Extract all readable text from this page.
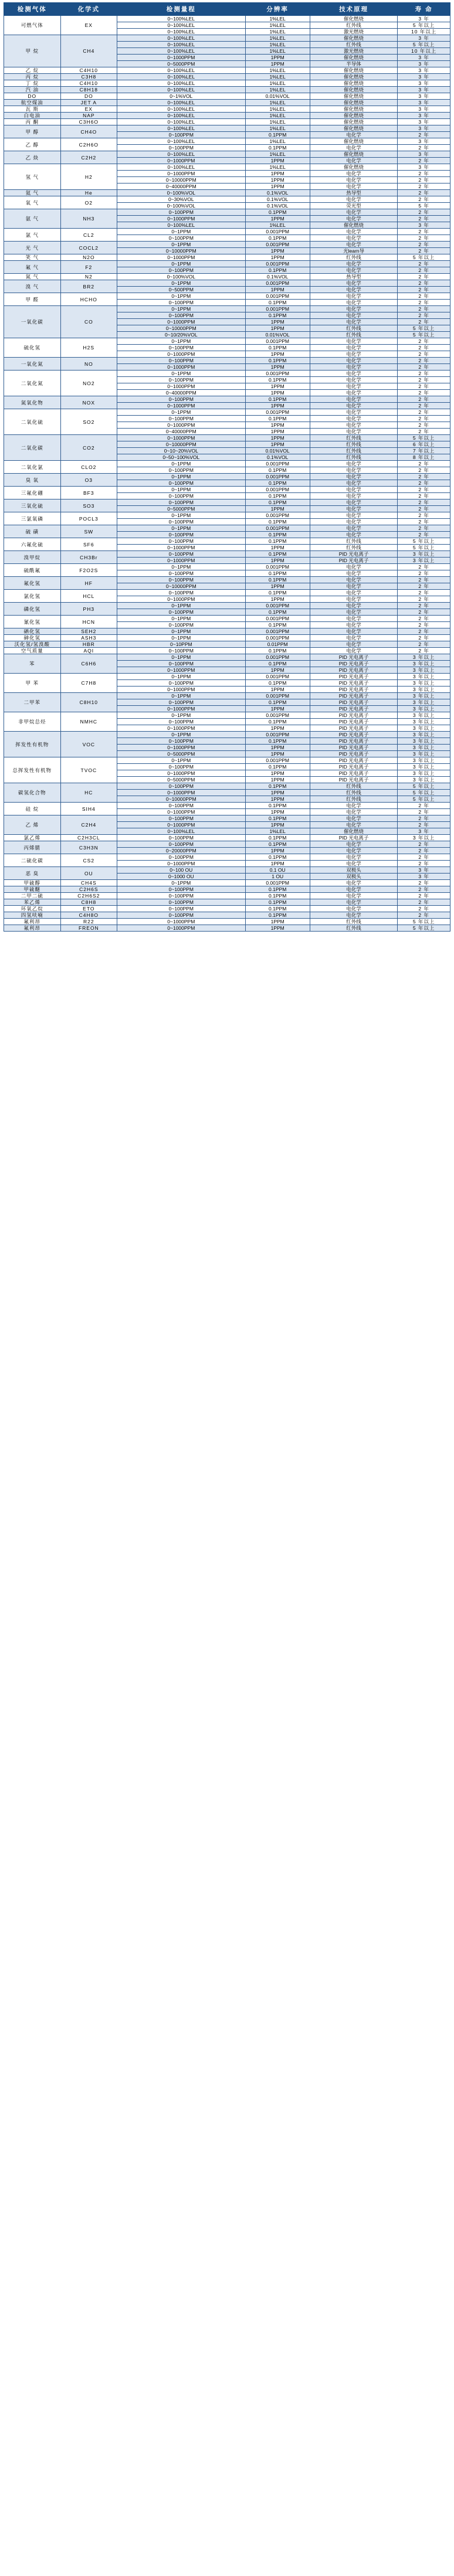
检测气体	化学式	检测量程	分辨率	技术原理	寿 命
可燃气体	EX	0~100%LEL	1%LEL	催化燃烧	3 年
		0~100%LEL	1%LEL	红外线	5 年以上
		0~100%LEL	1%LEL	激光燃烧	10 年以上
甲 烷	CH4	0~100%LEL	1%LEL	催化燃烧	3 年
		0~100%LEL	1%LEL	红外线	5 年以上
		0~100%LEL	1%LEL	激光燃烧	10 年以上
		0~1000PPM	1PPM	催化燃烧	3 年
		0~5000PPM	1PPM	半导体	3 年
乙 烷	C4H10	0~100%LEL	1%LEL	催化燃烧	3 年
丙 烷	C3H8	0~100%LEL	1%LEL	催化燃烧	3 年
丁 烷	C4H10	0~100%LEL	1%LEL	催化燃烧	3 年
汽 油	C8H18	0~100%LEL	1%LEL	催化燃烧	3 年
DO	DO	0~1%VOL	0.01%VOL	催化燃烧	3 年
航空煤油	JET A	0~100%LEL	1%LEL	催化燃烧	3 年
瓦 斯	EX	0~100%LEL	1%LEL	催化燃烧	3 年
白电油	NAP	0~100%LEL	1%LEL	催化燃烧	3 年
丙 酮	C3H6O	0~100%LEL	1%LEL	催化燃烧	3 年
甲 醇	CH4O	0~100%LEL	1%LEL	催化燃烧	3 年
		0~100PPM	0.1PPM	电化学	2 年
乙 醇	C2H6O	0~100%LEL	1%LEL	催化燃烧	3 年
		0~100PPM	0.1PPM	电化学	2 年
乙 炔	C2H2	0~100%LEL	1%LEL	催化燃烧	3 年
		0~1000PPM	1PPM	电化学	2 年
氢 气	H2	0~100%LEL	1%LEL	催化燃烧	3 年
		0~1000PPM	1PPM	电化学	2 年
		0~10000PPM	1PPM	电化学	2 年
		0~40000PPM	1PPM	电化学	2 年
氦 气	He	0~100%VOL	0.1%VOL	热导型	2 年
氧 气	O2	0~30%VOL	0.1%VOL	电化学	2 年
		0~100%VOL	0.1%VOL	荧光型	5 年
氨 气	NH3	0~100PPM	0.1PPM	电化学	2 年
		0~1000PPM	1PPM	电化学	2 年
		0~100%LEL	1%LEL	催化燃烧	3 年
氯 气	CL2	0~1PPM	0.001PPM	电化学	2 年
		0~100PPM	0.1PPM	电化学	2 年
光 气	COCL2	0~1PPM	0.001PPM	电化学	2 年
		0~10000PPM	1PPM	光learn导	2 年
笑 气	N2O	0~1000PPM	1PPM	红外线	5 年以上
氟 气	F2	0~1PPM	0.001PPM	电化学	2 年
		0~100PPM	0.1PPM	电化学	2 年
氮 气	N2	0~100%VOL	0.1%VOL	热导型	2 年
溴 气	BR2	0~1PPM	0.001PPM	电化学	2 年
		0~500PPM	1PPM	电化学	2 年
甲 醛	HCHO	0~1PPM	0.001PPM	电化学	2 年
		0~100PPM	0.1PPM	电化学	2 年
一氧化碳	CO	0~1PPM	0.001PPM	电化学	2 年
		0~100PPM	0.1PPM	电化学	2 年
		0~1000PPM	1PPM	电化学	2 年
		0~10000PPM	1PPM	红外线	5 年以上
		0~10/20%VOL	0.01%VOL	红外线	5 年以上
硫化氢	H2S	0~1PPM	0.001PPM	电化学	2 年
		0~100PPM	0.1PPM	电化学	2 年
		0~1000PPM	1PPM	电化学	2 年
一氧化氮	NO	0~100PPM	0.1PPM	电化学	2 年
		0~1000PPM	1PPM	电化学	2 年
二氧化氮	NO2	0~1PPM	0.001PPM	电化学	2 年
		0~100PPM	0.1PPM	电化学	2 年
		0~1000PPM	1PPM	电化学	2 年
		0~40000PPM	1PPM	电化学	2 年
氮氧化物	NOX	0~100PPM	0.1PPM	电化学	2 年
		0~1000PPM	1PPM	电化学	2 年
二氧化硫	SO2	0~1PPM	0.001PPM	电化学	2 年
		0~100PPM	0.1PPM	电化学	2 年
		0~1000PPM	1PPM	电化学	2 年
		0~40000PPM	1PPM	电化学	2 年
二氧化碳	CO2	0~1000PPM	1PPM	红外线	5 年以上
		0~10000PPM	1PPM	红外线	6 年以上
		0~10~20%VOL	0.01%VOL	红外线	7 年以上
		0~50~100%VOL	0.1%VOL	红外线	8 年以上
二氧化氯	CLO2	0~1PPM	0.001PPM	电化学	2 年
		0~100PPM	0.1PPM	电化学	2 年
臭 氧	O3	0~1PPM	0.001PPM	电化学	2 年
		0~100PPM	0.1PPM	电化学	2 年
三氟化硼	BF3	0~1PPM	0.001PPM	电化学	2 年
		0~100PPM	0.1PPM	电化学	2 年
三氧化硫	SO3	0~100PPM	0.1PPM	电化学	2 年
		0~5000PPM	1PPM	电化学	2 年
三氯氧磷	POCL3	0~1PPM	0.001PPM	电化学	2 年
		0~100PPM	0.1PPM	电化学	2 年
硫 磺	SW	0~1PPM	0.001PPM	电化学	2 年
		0~100PPM	0.1PPM	电化学	2 年
六氟化硫	SF6	0~100PPM	0.1PPM	红外线	5 年以上
		0~1000PPM	1PPM	红外线	5 年以上
溴甲烷	CH3Br	0~100PPM	0.1PPM	PID 光电离子	3 年以上
		0~1000PPM	1PPM	PID 光电离子	3 年以上
硫酰氟	F2O2S	0~1PPM	0.001PPM	电化学	2 年
		0~100PPM	0.1PPM	电化学	2 年
氟化氢	HF	0~100PPM	0.1PPM	电化学	2 年
		0~10000PPM	1PPM	电化学	2 年
氯化氢	HCL	0~100PPM	0.1PPM	电化学	2 年
		0~1000PPM	1PPM	电化学	2 年
磷化氢	PH3	0~1PPM	0.001PPM	电化学	2 年
		0~100PPM	0.1PPM	电化学	2 年
氰化氢	HCN	0~1PPM	0.001PPM	电化学	2 年
		0~100PPM	0.1PPM	电化学	2 年
硒化氢	SEH2	0~1PPM	0.001PPM	电化学	2 年
砷化氢	ASH3	0~1PPM	0.001PPM	电化学	2 年
沃化氢/氢溴酸	HBR	0~10PPM	0.01PPM	电化学	2 年
空气质量	AQI	0~100PPM	0.1PPM	电化学	2 年
苯	C6H6	0~1PPM	0.001PPM	PID 光电离子	3 年以上
		0~100PPM	0.1PPM	PID 光电离子	3 年以上
		0~1000PPM	1PPM	PID 光电离子	3 年以上
甲 苯	C7H8	0~1PPM	0.001PPM	PID 光电离子	3 年以上
		0~100PPM	0.1PPM	PID 光电离子	3 年以上
		0~1000PPM	1PPM	PID 光电离子	3 年以上
二甲苯	C8H10	0~1PPM	0.001PPM	PID 光电离子	3 年以上
		0~100PPM	0.1PPM	PID 光电离子	3 年以上
		0~1000PPM	1PPM	PID 光电离子	3 年以上
非甲烷总烃	NMHC	0~1PPM	0.001PPM	PID 光电离子	3 年以上
		0~100PPM	0.1PPM	PID 光电离子	3 年以上
		0~1000PPM	1PPM	PID 光电离子	3 年以上
挥发性有机物	VOC	0~1PPM	0.001PPM	PID 光电离子	3 年以上
		0~100PPM	0.1PPM	PID 光电离子	3 年以上
		0~1000PPM	1PPM	PID 光电离子	3 年以上
		0~5000PPM	1PPM	PID 光电离子	3 年以上
总挥发性有机物	TVOC	0~1PPM	0.001PPM	PID 光电离子	3 年以上
		0~100PPM	0.1PPM	PID 光电离子	3 年以上
		0~1000PPM	1PPM	PID 光电离子	3 年以上
		0~5000PPM	1PPM	PID 光电离子	3 年以上
碳氢化合物	HC	0~100PPM	0.1PPM	红外线	5 年以上
		0~1000PPM	1PPM	红外线	5 年以上
		0~10000PPM	1PPM	红外线	5 年以上
硅 烷	SIH4	0~100PPM	0.1PPM	电化学	2 年
		0~1000PPM	1PPM	电化学	2 年
乙 烯	C2H4	0~100PPM	0.1PPM	电化学	2 年
		0~1000PPM	1PPM	电化学	2 年
		0~100%LEL	1%LEL	催化燃烧	3 年
氯乙烯	C2H3CL	0~100PPM	0.1PPM	PID 光电离子	3 年以上
丙烯腈	C3H3N	0~100PPM	0.1PPM	电化学	2 年
		0~20000PPM	1PPM	电化学	2 年
二硫化碳	CS2	0~100PPM	0.1PPM	电化学	2 年
		0~1000PPM	1PPM	电化学	2 年
恶 臭	OU	0~100 OU	0.1 OU	双极头	3 年
		0~1000 OU	1 OU	双极头	3 年
甲硫醇	CH4S	0~1PPM	0.001PPM	电化学	2 年
甲硫醚	C2H6S	0~100PPM	0.1PPM	电化学	2 年
二甲二硫	C2H6S2	0~100PPM	0.1PPM	电化学	2 年
苯乙烯	C8H8	0~100PPM	0.1PPM	电化学	2 年
环氧乙烷	ETO	0~100PPM	0.1PPM	电化学	2 年
四氢呋喃	C4H8O	0~100PPM	0.1PPM	电化学	2 年
氟利昂	R22	0~1000PPM	1PPM	红外线	5 年以上
氟利昂	FREON	0~1000PPM	1PPM	红外线	5 年以上
